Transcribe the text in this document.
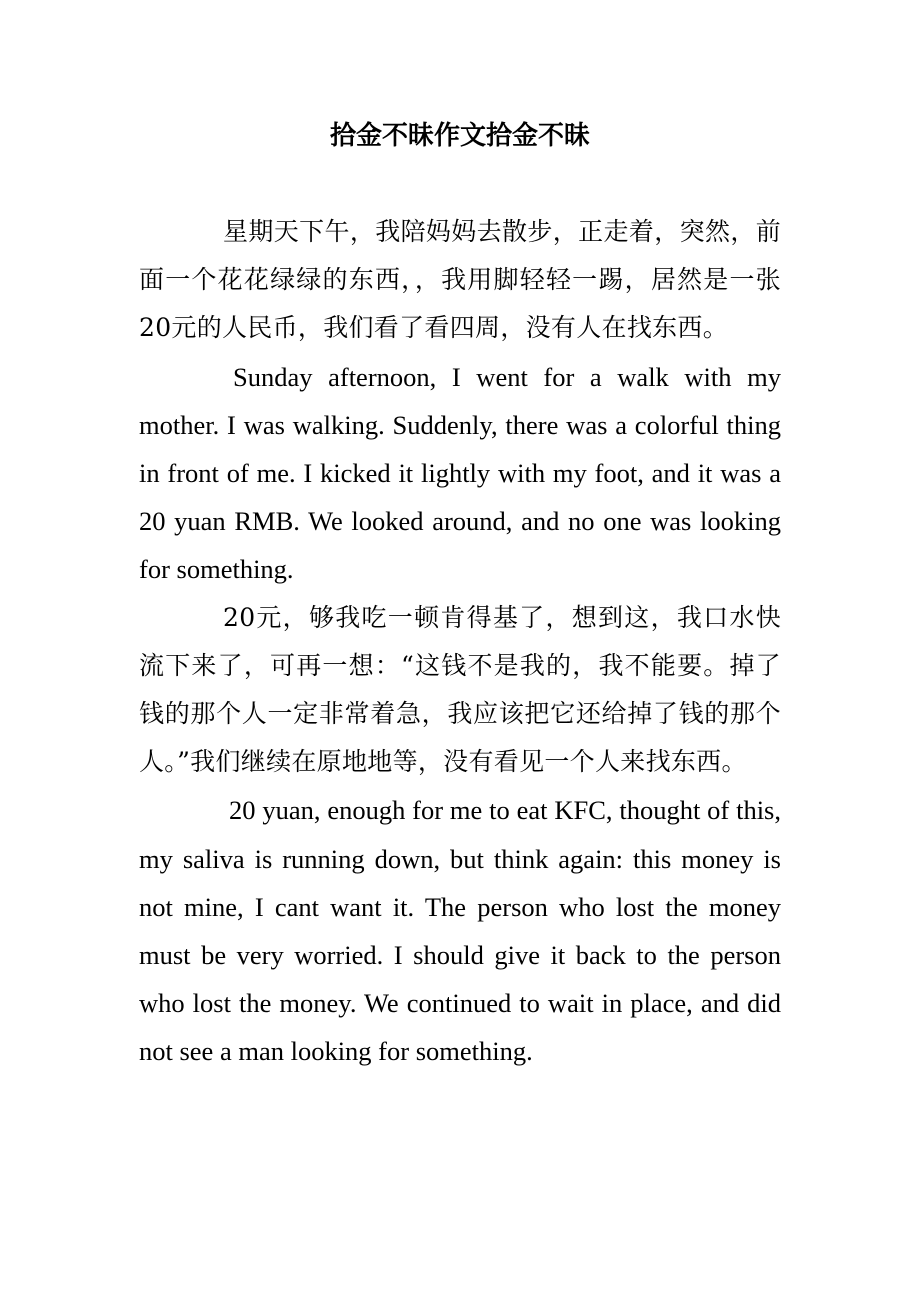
拾金不昧作文拾金不昧

星期天下午，我陪妈妈去散步，正走着，突然，前面一个花花绿绿的东西，，我用脚轻轻一踢，居然是一张20元的人民币，我们看了看四周，没有人在找东西。

Sunday afternoon, I went for a walk with my mother. I was walking. Suddenly, there was a colorful thing in front of me. I kicked it lightly with my foot, and it was a 20 yuan RMB. We looked around, and no one was looking for something.

20元，够我吃一顿肯得基了，想到这，我口水快流下来了，可再一想：“这钱不是我的，我不能要。掉了钱的那个人一定非常着急，我应该把它还给掉了钱的那个人。”我们继续在原地地等，没有看见一个人来找东西。

20 yuan, enough for me to eat KFC, thought of this, my saliva is running down, but think again: this money is not mine, I cant want it. The person who lost the money must be very worried. I should give it back to the person who lost the money. We continued to wait in place, and did not see a man looking for something.
